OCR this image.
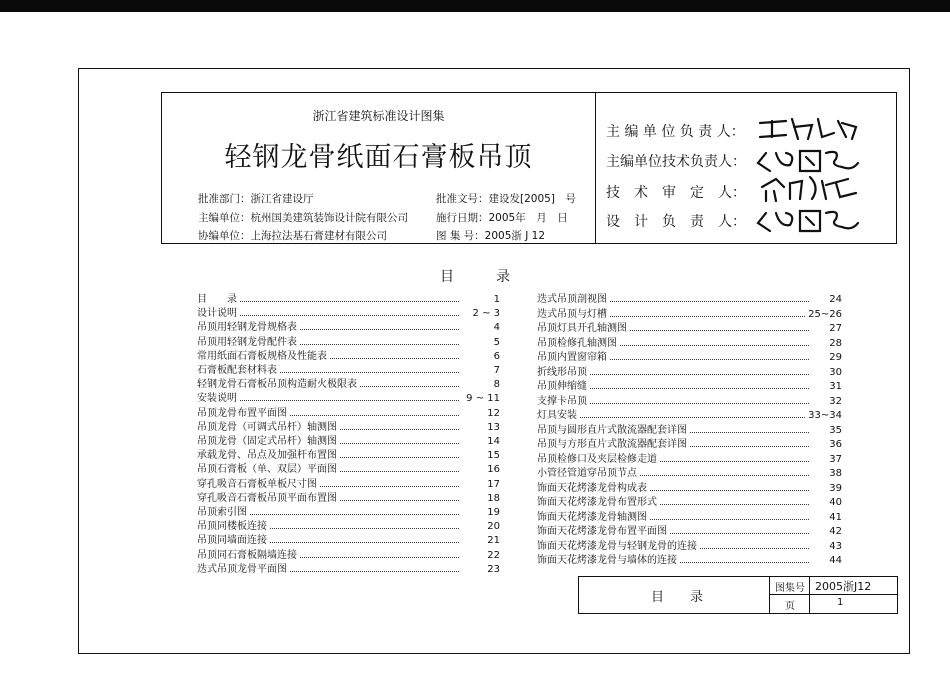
浙江省建筑标准设计图集
轻钢龙骨纸面石膏板吊顶
批准部门：浙江省建设厅	批准文号：建设发[2005]　号
主编单位：杭州国美建筑装饰设计院有限公司	施行日期：2005年　月　日
协编单位：上海拉法基石膏建材有限公司	图 集 号：2005浙 J 12
主 编 单 位 负 责 人：
主编单位技术负责人：
技　术　审　定　人：
设　计　负　责　人：
目　　　录
目　　录	1
设计说明	2 ~ 3
吊顶用轻钢龙骨规格表	4
吊顶用轻钢龙骨配件表	5
常用纸面石膏板规格及性能表	6
石膏板配套材料表	7
轻钢龙骨石膏板吊顶构造耐火极限表	8
安装说明	9 ~ 11
吊顶龙骨布置平面图	12
吊顶龙骨（可调式吊杆）轴测图	13
吊顶龙骨（固定式吊杆）轴测图	14
承载龙骨、吊点及加强杆布置图	15
吊顶石膏板（单、双层）平面图	16
穿孔吸音石膏板单板尺寸图	17
穿孔吸音石膏板吊顶平面布置图	18
吊顶索引图	19
吊顶同楼板连接	20
吊顶同墙面连接	21
吊顶同石膏板隔墙连接	22
迭式吊顶龙骨平面图	23
迭式吊顶剖视图	24
迭式吊顶与灯槽	25~26
吊顶灯具开孔轴测图	27
吊顶检修孔轴测图	28
吊顶内置窗帘箱	29
折线形吊顶	30
吊顶伸缩缝	31
支撑卡吊顶	32
灯具安装	33~34
吊顶与圆形直片式散流器配套详图	35
吊顶与方形直片式散流器配套详图	36
吊顶检修口及夹层检修走道	37
小管径管道穿吊顶节点	38
饰面天花烤漆龙骨构成表	39
饰面天花烤漆龙骨布置形式	40
饰面天花烤漆龙骨轴测图	41
饰面天花烤漆龙骨布置平面图	42
饰面天花烤漆龙骨与轻钢龙骨的连接	43
饰面天花烤漆龙骨与墙体的连接	44
目　　录
图集号 2005浙J12
页	1
